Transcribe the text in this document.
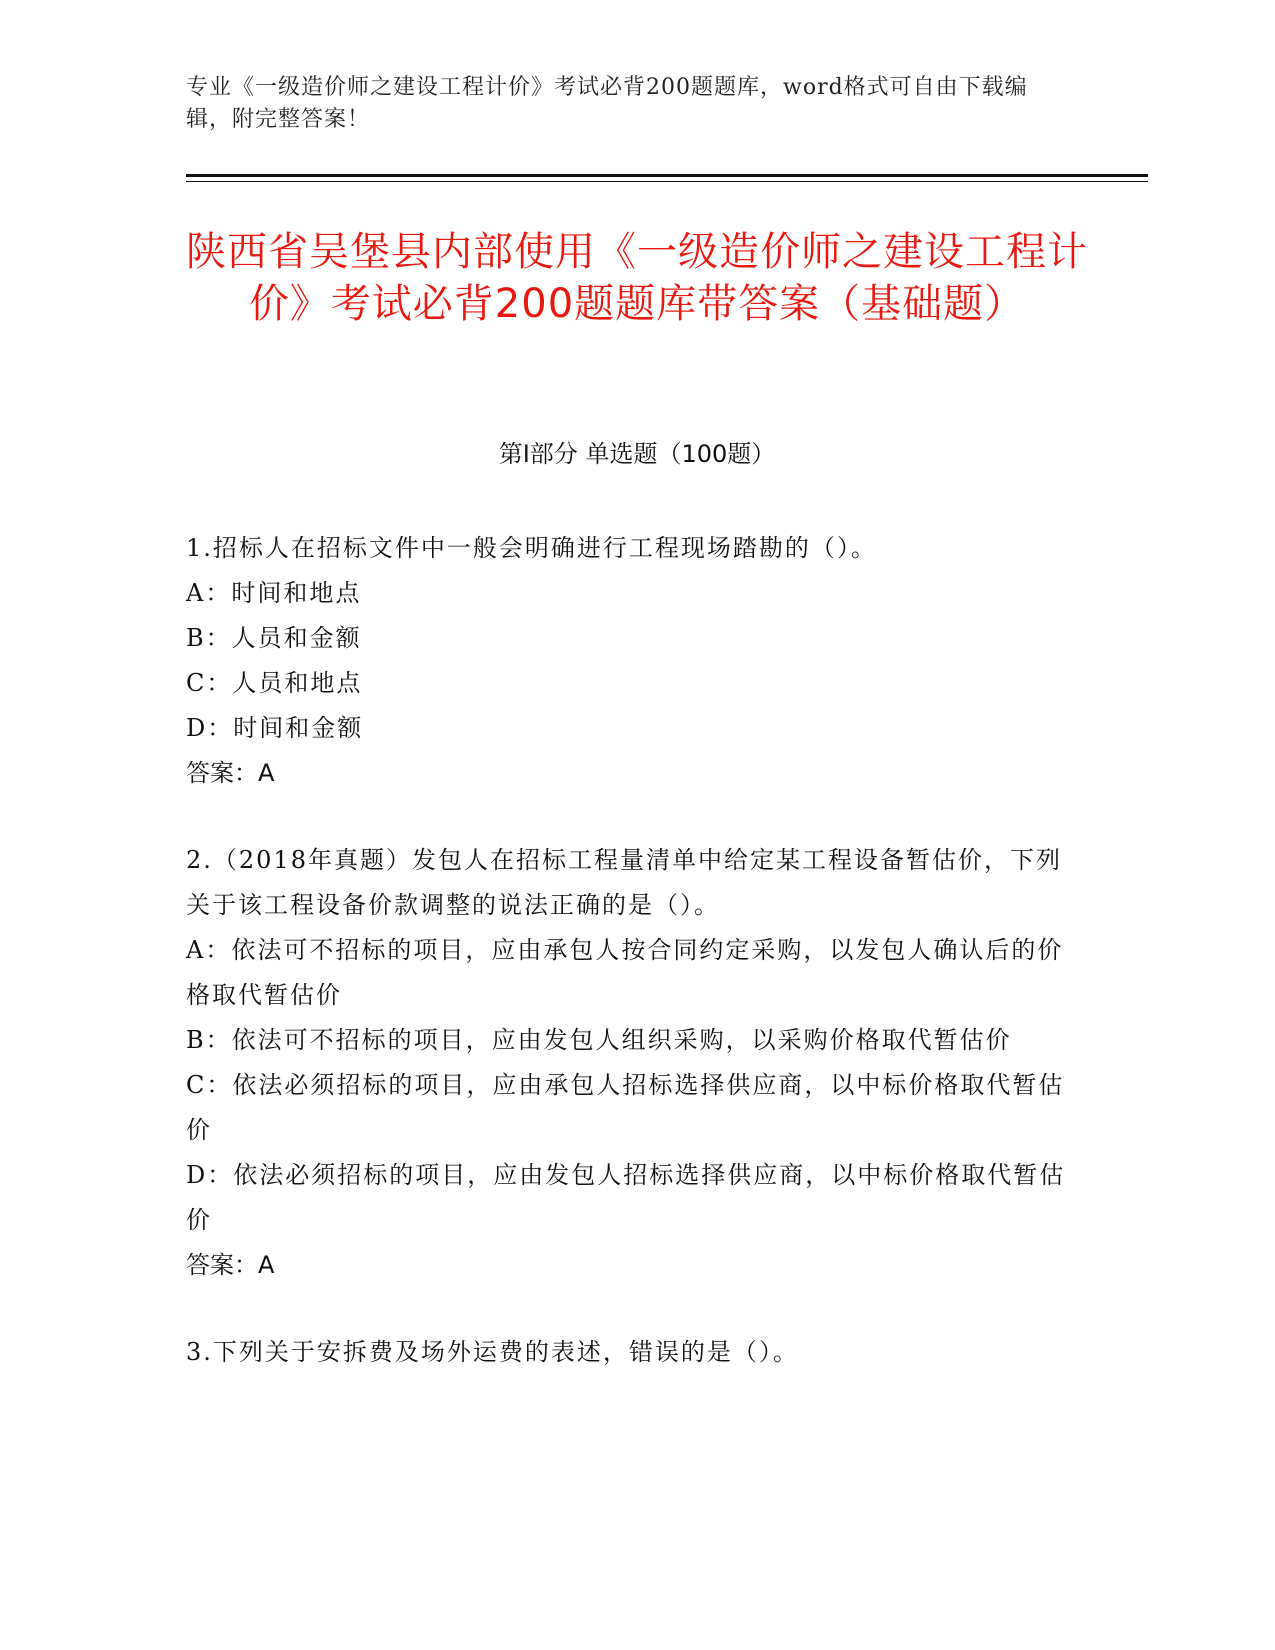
专业《一级造价师之建设工程计价》考试必背200题题库，word格式可自由下载编辑，附完整答案！
陕西省吴堡县内部使用《一级造价师之建设工程计价》考试必背200题题库带答案（基础题）
第Ⅰ部分 单选题（100题）
1.招标人在招标文件中一般会明确进行工程现场踏勘的（）。
A：时间和地点
B：人员和金额
C：人员和地点
D：时间和金额
答案：A
2.（2018年真题）发包人在招标工程量清单中给定某工程设备暂估价，下列关于该工程设备价款调整的说法正确的是（）。
A：依法可不招标的项目，应由承包人按合同约定采购，以发包人确认后的价格取代暂估价
B：依法可不招标的项目，应由发包人组织采购，以采购价格取代暂估价
C：依法必须招标的项目，应由承包人招标选择供应商，以中标价格取代暂估价
D：依法必须招标的项目，应由发包人招标选择供应商，以中标价格取代暂估价
答案：A
3.下列关于安拆费及场外运费的表述，错误的是（）。
